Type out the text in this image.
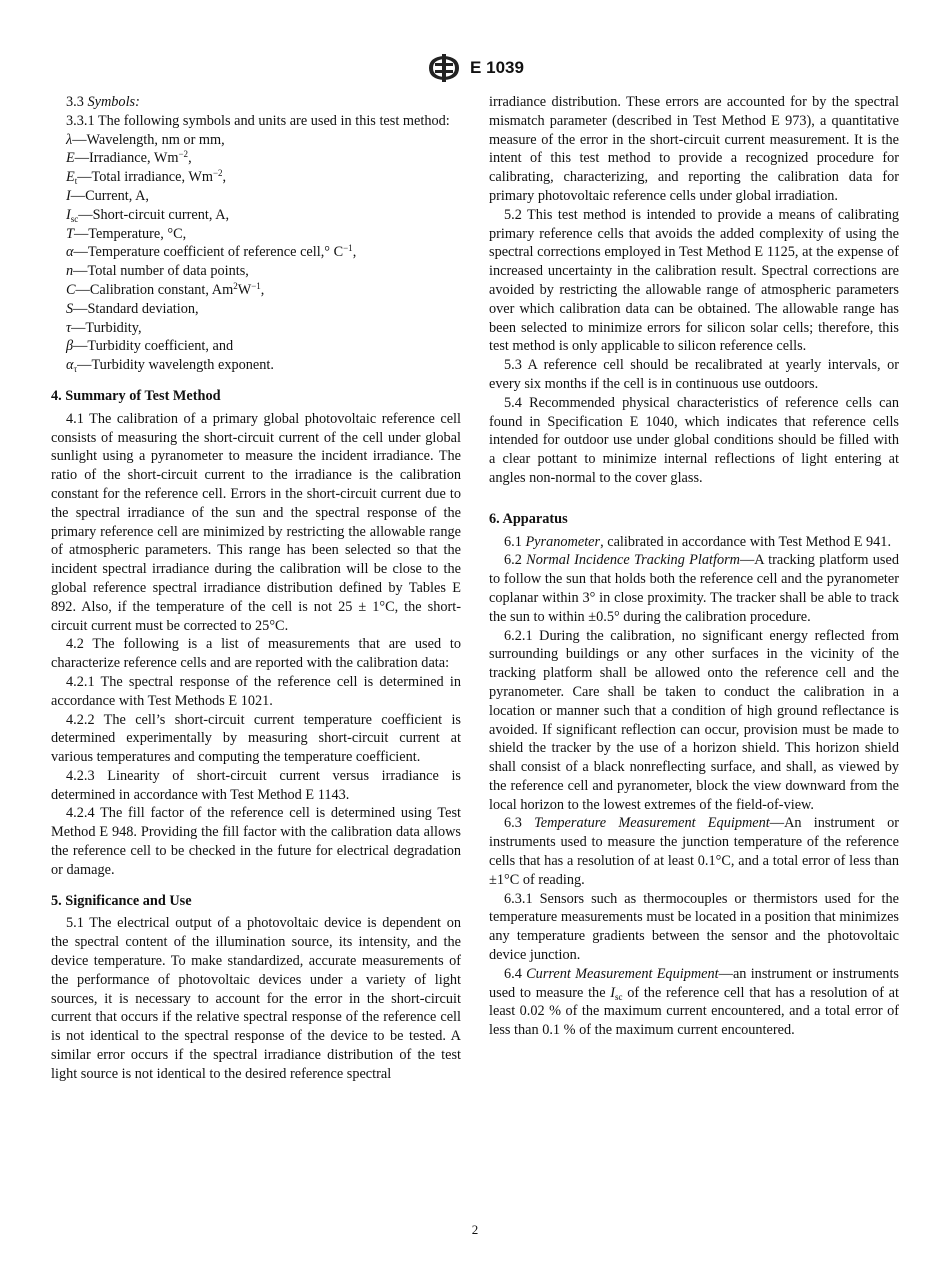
E 1039

3.3 Symbols:

3.3.1 The following symbols and units are used in this test method:

λ—Wavelength, nm or mm,
E—Irradiance, $Wm^{-2}$,
$E_t—Total$ irradiance, $Wm^{-2}$,
I—Current, A,
$I_{sc}—Short$-circuit current, A,
T—Temperature, °C,
α—Temperature coefficient of reference cell,° $C^{-1}$,
n—Total number of data points,
C—Calibration constant, $Am^2W^{-1}$,
S—Standard deviation,
τ—Turbidity,
β—Turbidity coefficient, and
$\alpha_\tau—Turbidity$ wavelength exponent.
4. Summary of Test Method

4.1 The calibration of a primary global photovoltaic reference cell consists of measuring the short-circuit current of the cell under global sunlight using a pyranometer to measure the incident irradiance. The ratio of the short-circuit current to the irradiance is the calibration constant for the reference cell. Errors in the short-circuit current due to the spectral irradiance of the sun and the spectral response of the primary reference cell are minimized by restricting the allowable range of atmospheric parameters. This range has been selected so that the incident spectral irradiance during the calibration will be close to the global reference spectral irradiance distribution defined by Tables E 892. Also, if the temperature of the cell is not 25 ± 1°C, the short-circuit current must be corrected to 25°C.

4.2 The following is a list of measurements that are used to characterize reference cells and are reported with the calibration data:

4.2.1 The spectral response of the reference cell is determined in accordance with Test Methods E 1021.

4.2.2 The cell’s short-circuit current temperature coefficient is determined experimentally by measuring short-circuit current at various temperatures and computing the temperature coefficient.

4.2.3 Linearity of short-circuit current versus irradiance is determined in accordance with Test Method E 1143.

4.2.4 The fill factor of the reference cell is determined using Test Method E 948. Providing the fill factor with the calibration data allows the reference cell to be checked in the future for electrical degradation or damage.

5. Significance and Use

5.1 The electrical output of a photovoltaic device is dependent on the spectral content of the illumination source, its intensity, and the device temperature. To make standardized, accurate measurements of the performance of photovoltaic devices under a variety of light sources, it is necessary to account for the error in the short-circuit current that occurs if the relative spectral response of the reference cell is not identical to the spectral response of the device to be tested. A similar error occurs if the spectral irradiance distribution of the test light source is not identical to the desired reference spectral

irradiance distribution. These errors are accounted for by the spectral mismatch parameter (described in Test Method E 973), a quantitative measure of the error in the short-circuit current measurement. It is the intent of this test method to provide a recognized procedure for calibrating, characterizing, and reporting the calibration data for primary photovoltaic reference cells under global irradiation.

5.2 This test method is intended to provide a means of calibrating primary reference cells that avoids the added complexity of using the spectral corrections employed in Test Method E 1125, at the expense of increased uncertainty in the calibration result. Spectral corrections are avoided by restricting the allowable range of atmospheric parameters over which calibration data can be obtained. The allowable range has been selected to minimize errors for silicon solar cells; therefore, this test method is only applicable to silicon reference cells.

5.3 A reference cell should be recalibrated at yearly intervals, or every six months if the cell is in continuous use outdoors.

5.4 Recommended physical characteristics of reference cells can found in Specification E 1040, which indicates that reference cells intended for outdoor use under global conditions should be filled with a clear pottant to minimize internal reflections of light entering at angles non-normal to the cover glass.

6. Apparatus

6.1 Pyranometer, calibrated in accordance with Test Method E 941.

6.2 Normal Incidence Tracking Platform—A tracking platform used to follow the sun that holds both the reference cell and the pyranometer coplanar within 3° in close proximity. The tracker shall be able to track the sun to within ±0.5° during the calibration procedure.

6.2.1 During the calibration, no significant energy reflected from surrounding buildings or any other surfaces in the vicinity of the tracking platform shall be allowed onto the reference cell and the pyranometer. Care shall be taken to conduct the calibration in a location or manner such that a condition of high ground reflectance is avoided. If significant reflection can occur, provision must be made to shield the tracker by the use of a horizon shield. This horizon shield shall consist of a black nonreflecting surface, and shall, as viewed by the reference cell and pyranometer, block the view downward from the local horizon to the lowest extremes of the field-of-view.

6.3 Temperature Measurement Equipment—An instrument or instruments used to measure the junction temperature of the reference cells that has a resolution of at least 0.1°C, and a total error of less than ±1°C of reading.

6.3.1 Sensors such as thermocouples or thermistors used for the temperature measurements must be located in a position that minimizes any temperature gradients between the sensor and the photovoltaic device junction.

6.4 Current Measurement Equipment—an instrument or instruments used to measure the $I_{sc}$ of the reference cell that has a resolution of at least 0.02 % of the maximum current encountered, and a total error of less than 0.1 % of the maximum current encountered.

2
